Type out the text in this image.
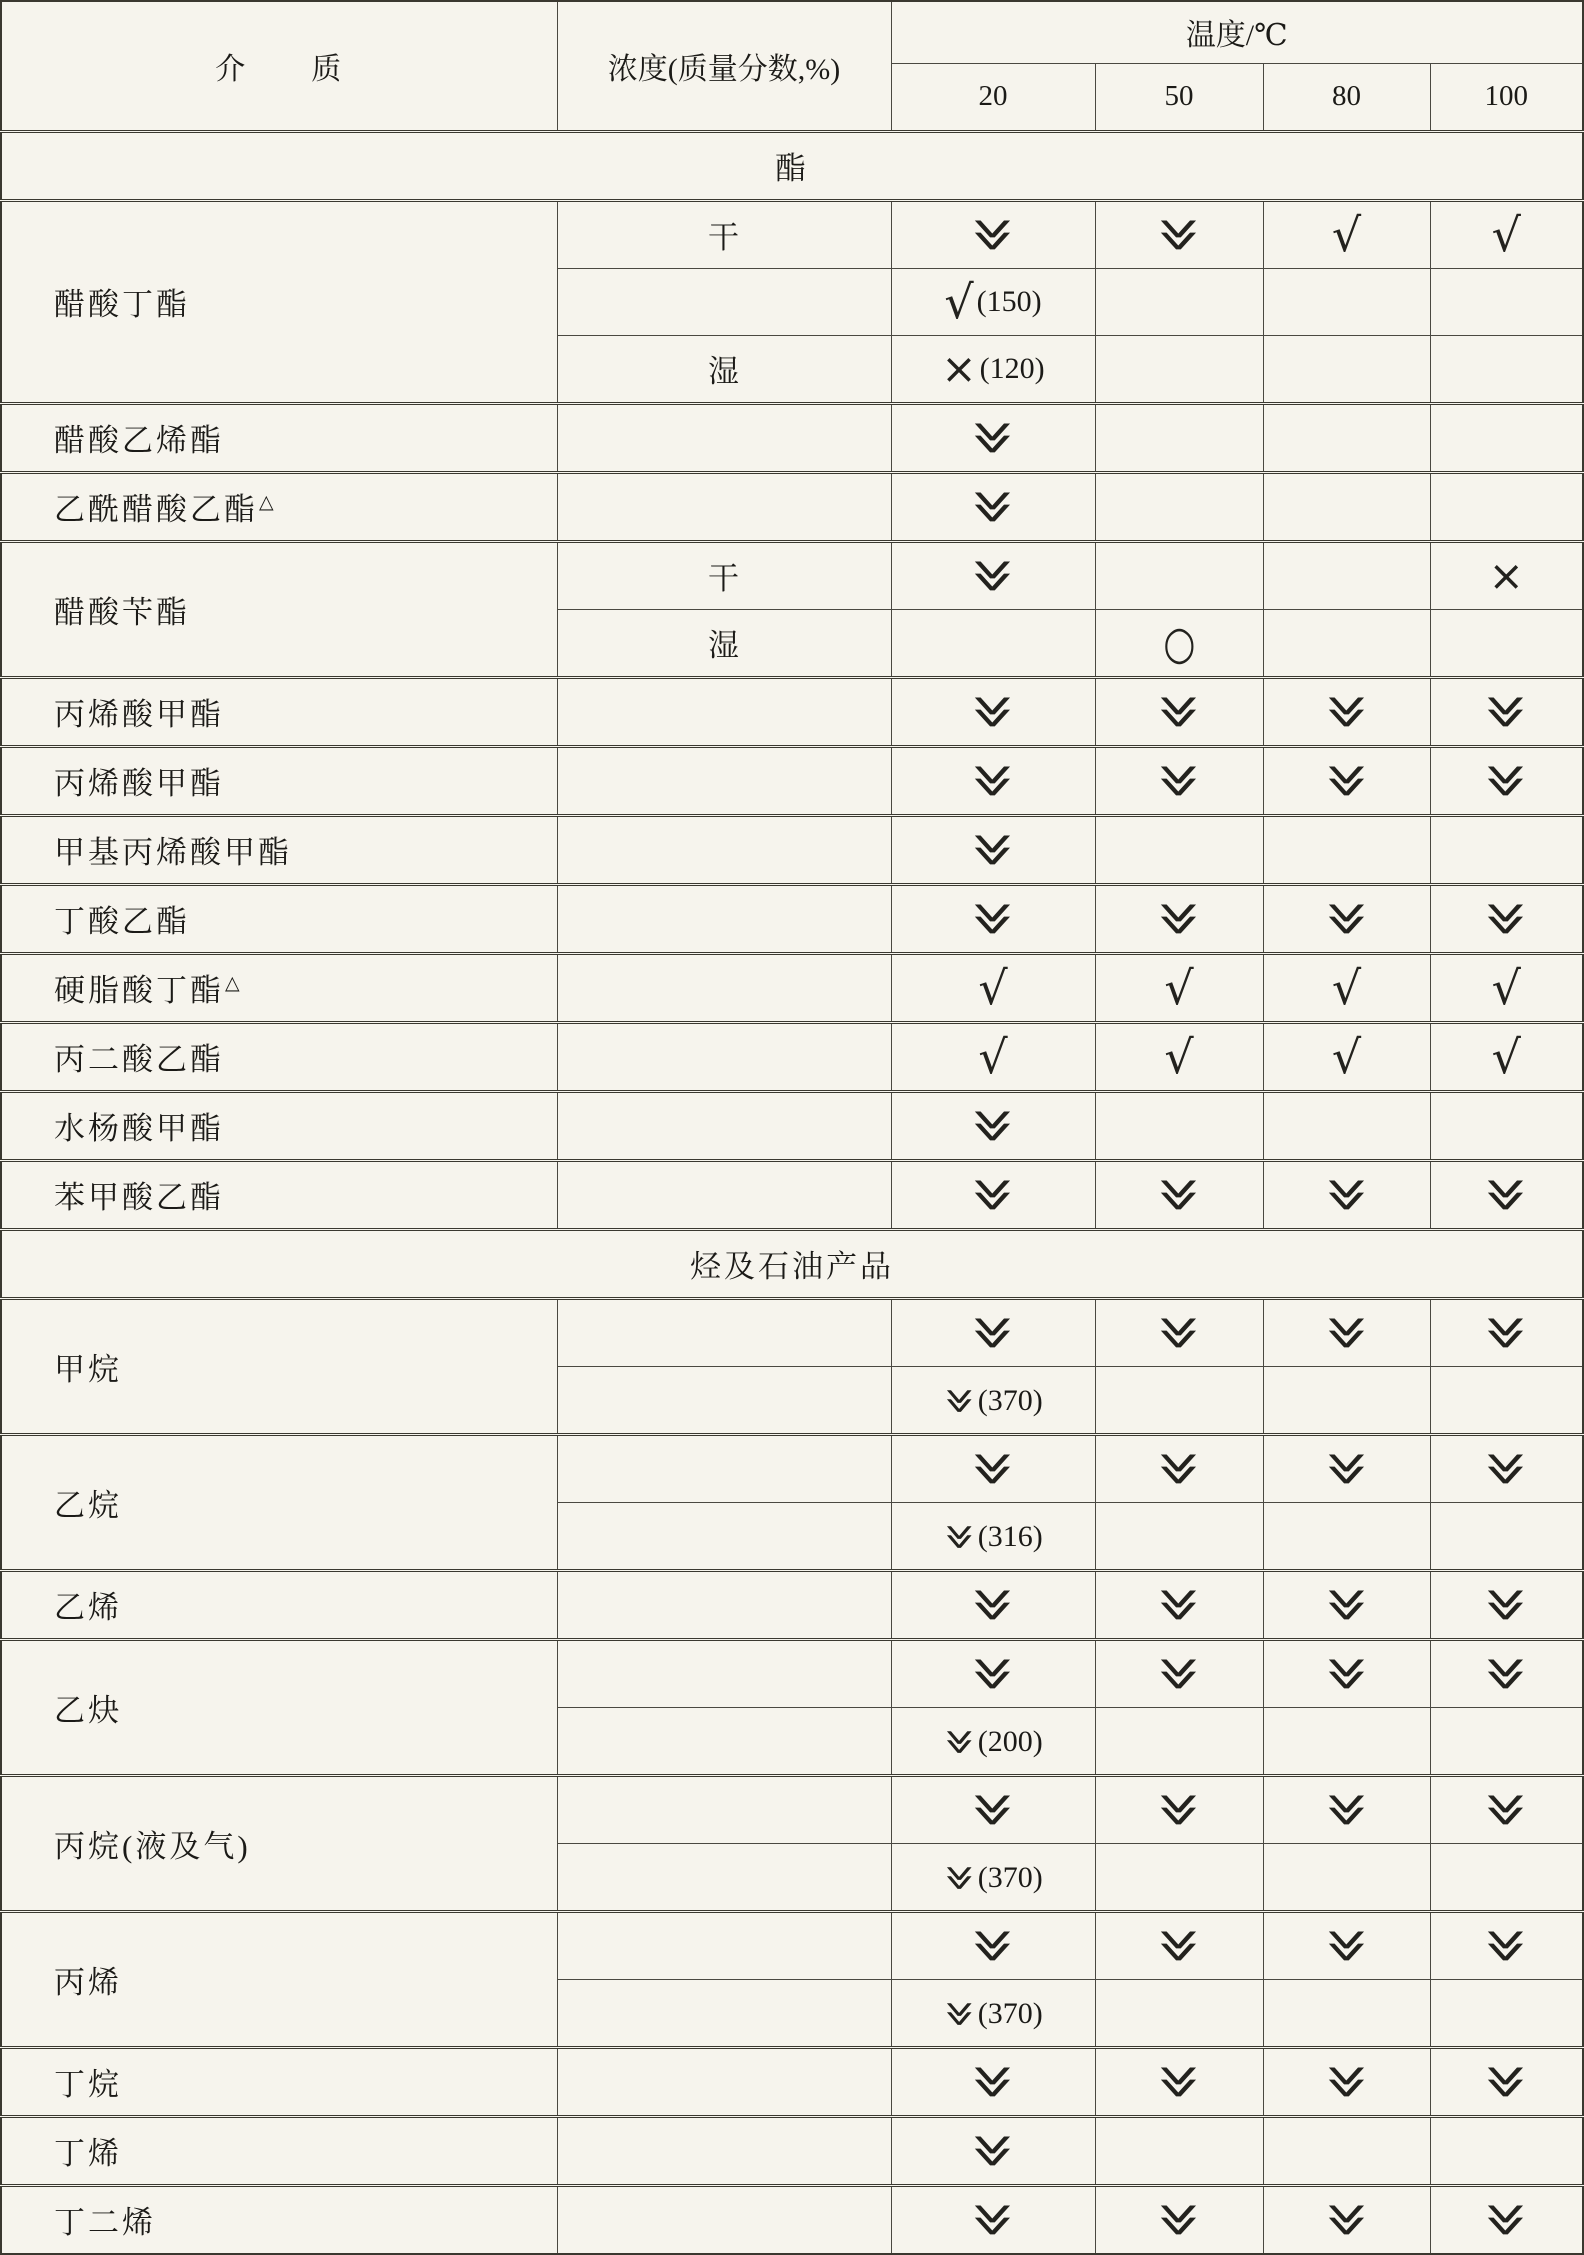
介　　质	浓度(质量分数,%)	温度/℃			
		20	50	80	100
酯					
醋酸丁酯	干	≫	≫	√	√
		√ (150)			
	湿	× (120)			
醋酸乙烯酯		≫			
乙酰醋酸乙酯△		≫			
醋酸苄酯	干	≫			×
	湿		○		
丙烯酸甲酯		≫	≫	≫	≫
丙烯酸甲酯		≫	≫	≫	≫
甲基丙烯酸甲酯		≫			
丁酸乙酯		≫	≫	≫	≫
硬脂酸丁酯△		√	√	√	√
丙二酸乙酯		√	√	√	√
水杨酸甲酯		≫			
苯甲酸乙酯		≫	≫	≫	≫
烃及石油产品					
甲烷		≫	≫	≫	≫
		≫(370)			
乙烷		≫	≫	≫	≫
		≫(316)			
乙烯		≫	≫	≫	≫
乙炔		≫	≫	≫	≫
		≫(200)			
丙烷(液及气)		≫	≫	≫	≫
		≫(370)			
丙烯		≫	≫	≫	≫
		≫(370)			
丁烷		≫	≫	≫	≫
丁烯		≫			
丁二烯		≫	≫	≫	≫
